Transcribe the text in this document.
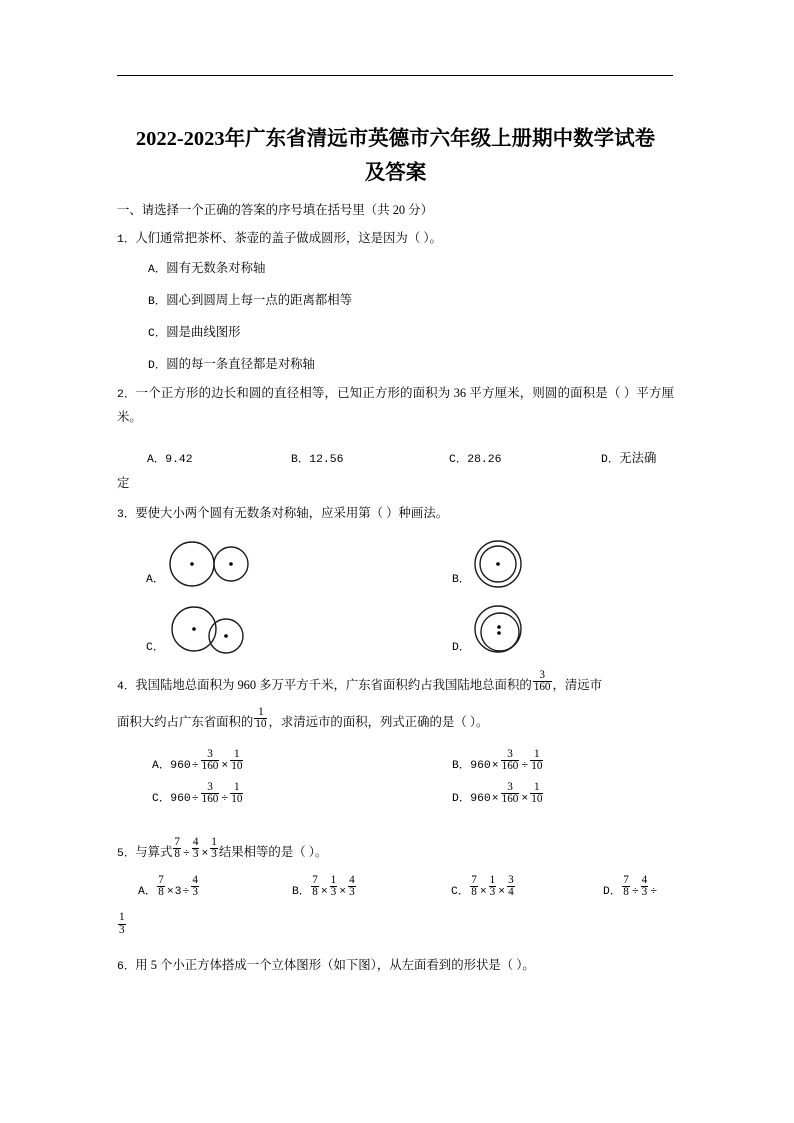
2022-2023年广东省清远市英德市六年级上册期中数学试卷
及答案
一、请选择一个正确的答案的序号填在括号里（共 20 分）
1．人们通常把茶杯、茶壶的盖子做成圆形，这是因为（ ）。
A．圆有无数条对称轴
B．圆心到圆周上每一点的距离都相等
C．圆是曲线图形
D．圆的每一条直径都是对称轴
2．一个正方形的边长和圆的直径相等，已知正方形的面积为 36 平方厘米，则圆的面积是（ ）平方厘米。
A．9.42	B．12.56	C．28.26	D．无法确
定
3．要使大小两个圆有无数条对称轴，应采用第（ ）种画法。
A．	B．
C．	D．
4．我国陆地总面积为 960 多万平方千米，广东省面积约占我国陆地总面积的 $\frac{3}{160}$ ，清远市
面积大约占广东省面积的 $\frac{1}{10}$ ，求清远市的面积，列式正确的是（ ）。
A．$960\div \frac{3}{160} \times \frac{1}{10}$	B．$960\times \frac{3}{160} \div \frac{1}{10}$
C．$960\div \frac{3}{160} \div \frac{1}{10}$	D．$960\times \frac{3}{160} \times \frac{1}{10}$
5．与算式 $\frac{7}{8} \div \frac{4}{3} \times \frac{1}{3}$ 结果相等的是（ ）。
A． $\frac{7}{8} \times 3\div \frac{4}{3}$	B． $\frac{7}{8} \times \frac{1}{3} \times \frac{4}{3}$	C． $\frac{7}{8} \times \frac{1}{3} \times \frac{3}{4}$	D． $\frac{7}{8} \div \frac{4}{3}$ ÷
$\frac{1}{3}$
6．用 5 个小正方体搭成一个立体图形（如下图），从左面看到的形状是（ ）。
